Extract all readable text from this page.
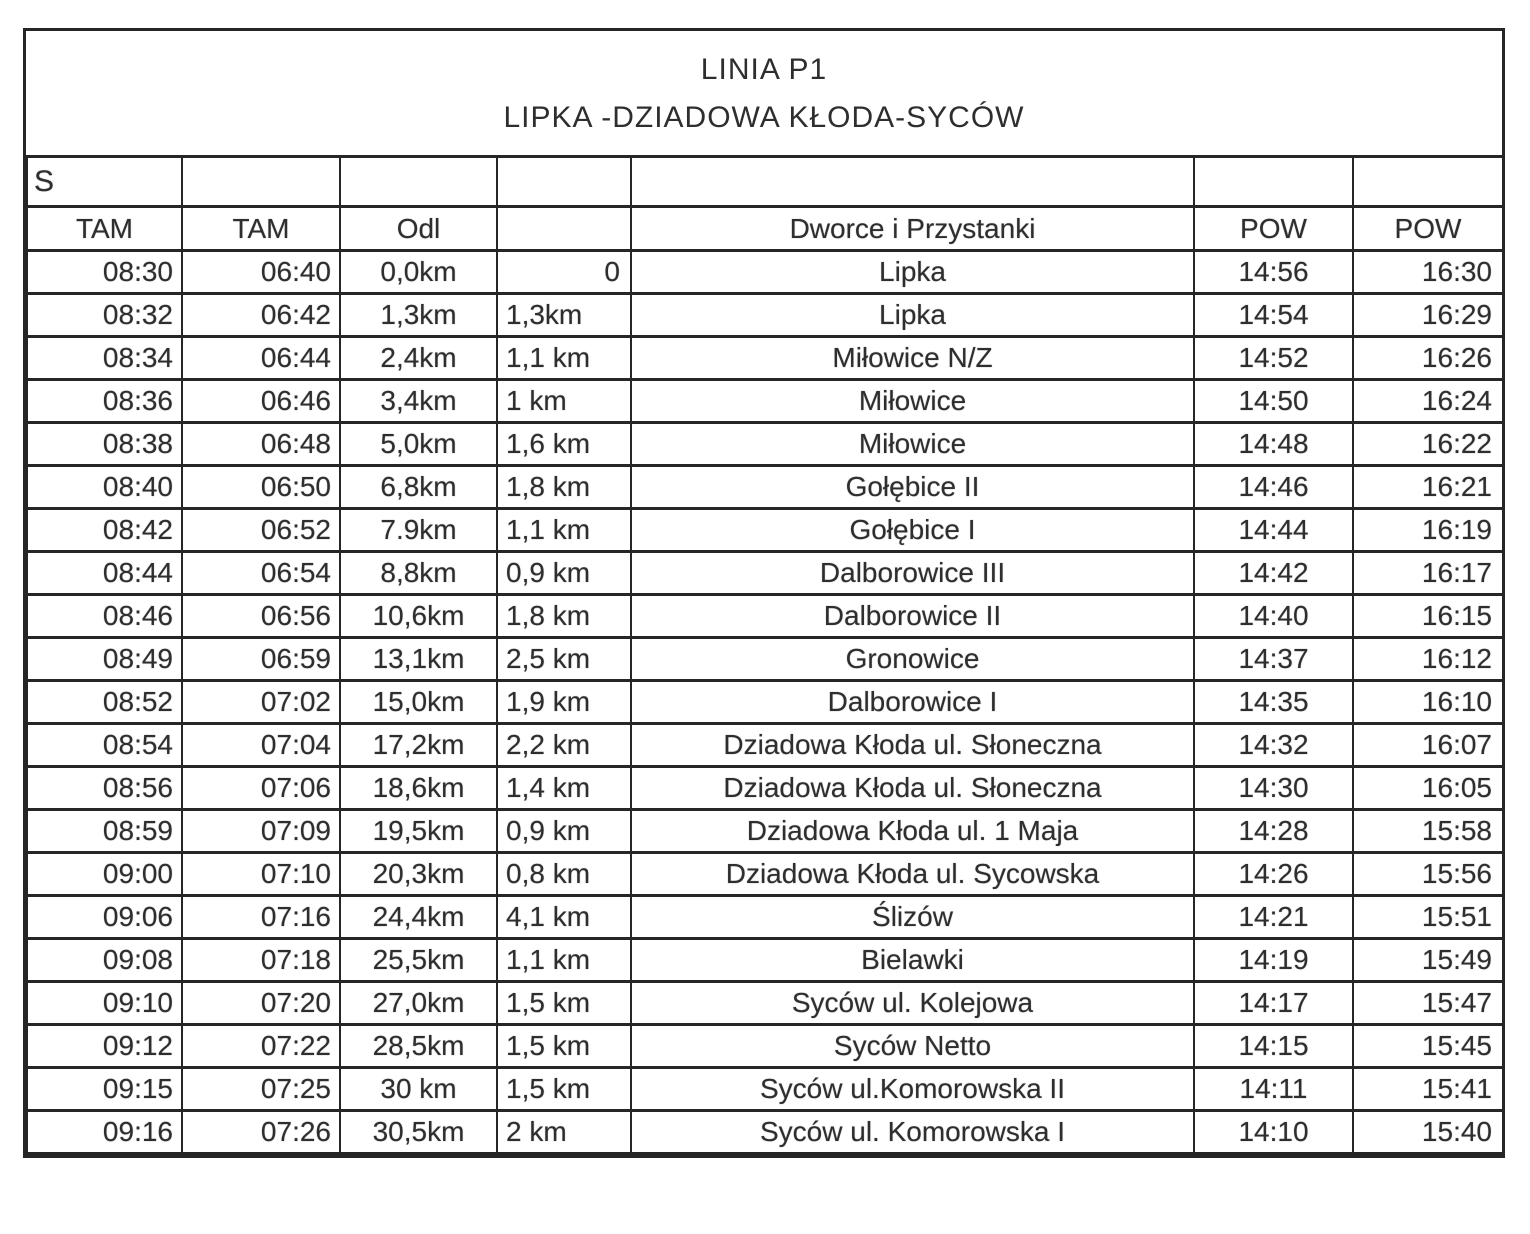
LINIA P1
LIPKA -DZIADOWA KŁODA-SYCÓW
S						
TAM	TAM	Odl		Dworce i Przystanki	POW	POW
08:30	06:40	0,0km	0	Lipka	14:56	16:30
08:32	06:42	1,3km	1,3km	Lipka	14:54	16:29
08:34	06:44	2,4km	1,1 km	Miłowice N/Z	14:52	16:26
08:36	06:46	3,4km	1 km	Miłowice	14:50	16:24
08:38	06:48	5,0km	1,6 km	Miłowice	14:48	16:22
08:40	06:50	6,8km	1,8 km	Gołębice II	14:46	16:21
08:42	06:52	7.9km	1,1 km	Gołębice I	14:44	16:19
08:44	06:54	8,8km	0,9 km	Dalborowice III	14:42	16:17
08:46	06:56	10,6km	1,8 km	Dalborowice II	14:40	16:15
08:49	06:59	13,1km	2,5 km	Gronowice	14:37	16:12
08:52	07:02	15,0km	1,9 km	Dalborowice I	14:35	16:10
08:54	07:04	17,2km	2,2 km	Dziadowa Kłoda ul. Słoneczna	14:32	16:07
08:56	07:06	18,6km	1,4 km	Dziadowa Kłoda ul. Słoneczna	14:30	16:05
08:59	07:09	19,5km	0,9 km	Dziadowa Kłoda ul. 1 Maja	14:28	15:58
09:00	07:10	20,3km	0,8 km	Dziadowa Kłoda ul. Sycowska	14:26	15:56
09:06	07:16	24,4km	4,1 km	Ślizów	14:21	15:51
09:08	07:18	25,5km	1,1 km	Bielawki	14:19	15:49
09:10	07:20	27,0km	1,5 km	Syców ul. Kolejowa	14:17	15:47
09:12	07:22	28,5km	1,5 km	Syców Netto	14:15	15:45
09:15	07:25	30 km	1,5 km	Syców ul.Komorowska II	14:11	15:41
09:16	07:26	30,5km	2 km	Syców ul. Komorowska I	14:10	15:40
